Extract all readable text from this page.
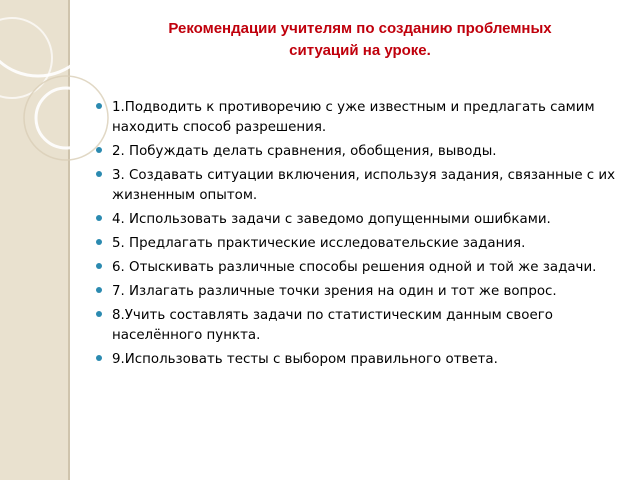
Рекомендации учителям по созданию проблемных
ситуаций на уроке.
1.Подводить к противоречию с уже известным и предлагать самим находить способ разрешения.
2. Побуждать делать сравнения, обобщения, выводы.
3. Создавать ситуации включения, используя задания, связанные с их жизненным опытом.
4. Использовать задачи с заведомо допущенными ошибками.
5. Предлагать практические исследовательские задания.
6. Отыскивать различные способы решения одной и той же задачи.
7. Излагать различные точки зрения на один и тот же вопрос.
8.Учить составлять задачи по статистическим данным своего населённого пункта.
9.Использовать тесты с выбором правильного ответа.
